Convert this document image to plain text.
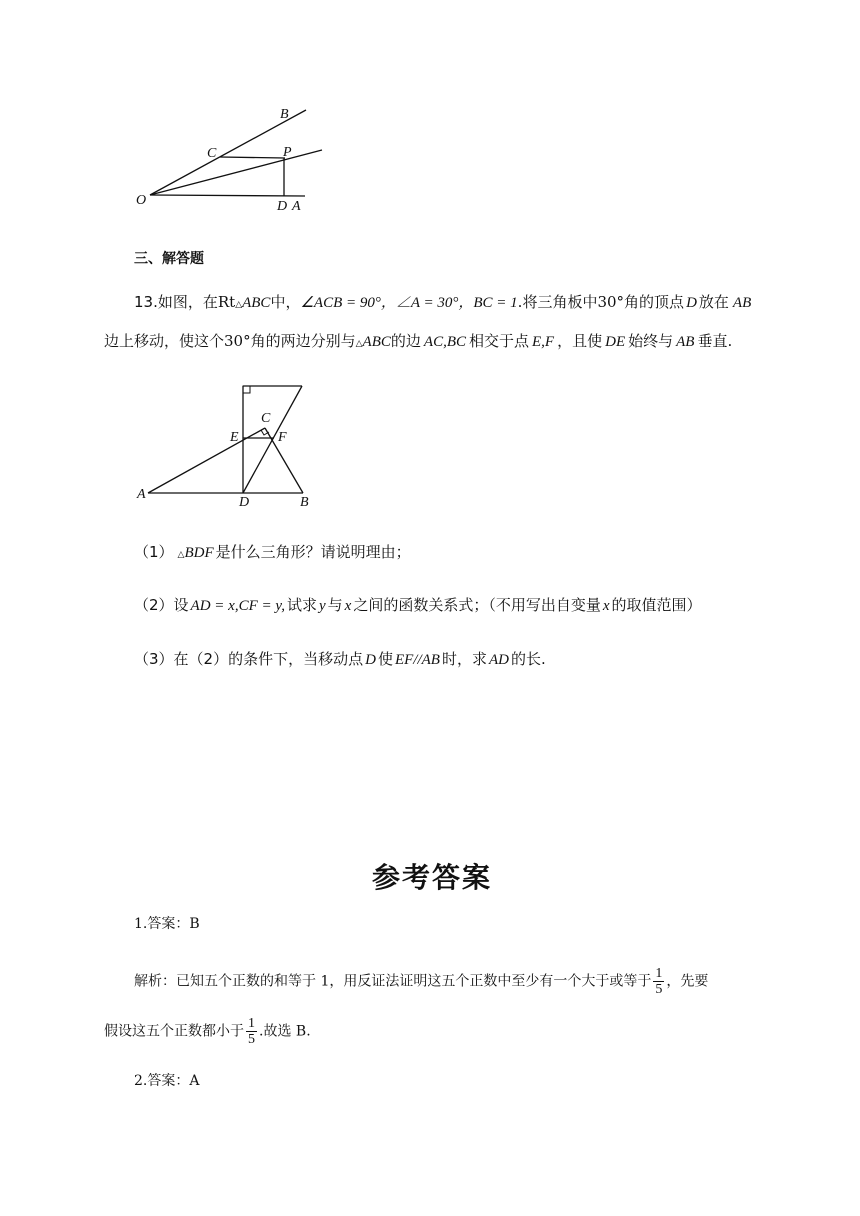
B
C	P
O	D A
三、解答题
13.如图，在Rt△ABC中，∠ACB = 90°，∠A = 30°，BC = 1.将三角板中30°角的顶点 D 放在 AB
边上移动，使这个30°角的两边分别与△ABC的边 AC,BC 相交于点 E,F ，且使 DE 始终与 AB 垂直.
C
E	F
A
D	B
（1） △BDF 是什么三角形？请说明理由；
（2）设 AD = x,CF = y, 试求 y 与 x 之间的函数关系式；（不用写出自变量 x 的取值范围）
（3）在（2）的条件下，当移动点 D 使 EF//AB 时，求 AD 的长.
参考答案
1.答案：B
解析：已知五个正数的和等于 1，用反证法证明这五个正数中至少有一个大于或等于 $\frac{1}{5}$ ，先要
假设这五个正数都小于 $\frac{1}{5}$ .故选 B.
2.答案：A
